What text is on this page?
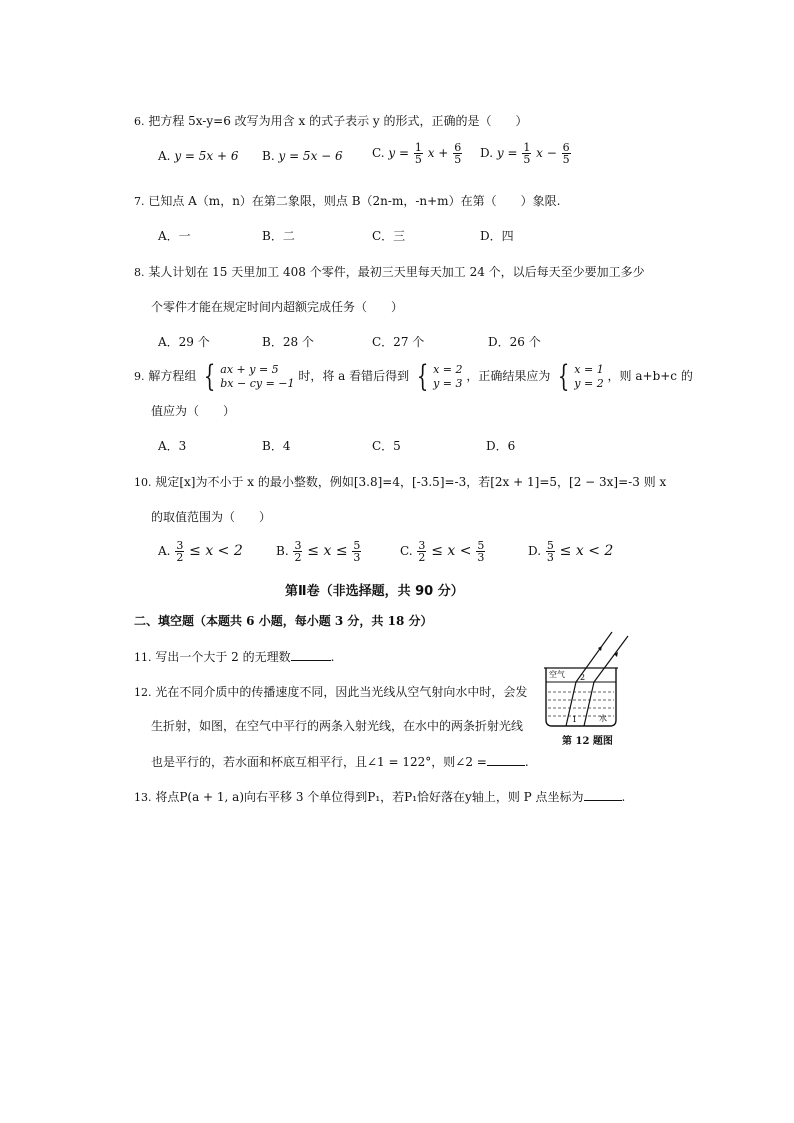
6. 把方程 5x-y=6 改写为用含 x 的式子表示 y 的形式，正确的是（　　）
A. y = 5x + 6 B. y = 5x − 6 C. $y = \frac{1}{5}$ $x + \frac{6}{5} D$. $y = \frac{1}{5}$ $x - \frac{6}{5}$
7. 已知点 A（m，n）在第二象限，则点 B（2n-m，-n+m）在第（　　）象限.
A．一	B．二	C．三	D．四
8. 某人计划在 15 天里加工 408 个零件，最初三天里每天加工 24 个，以后每天至少要加工多少
个零件才能在规定时间内超额完成任务（　　）
A．29 个	B．28 个	C．27 个	D．26 个
9. 解方程组 { ax + y = 5
bx − cy = −1 时，将 a 看错后得到 { x = 2
y = 3 ，正确结果应为 { x = 1
y = 2 ，则 a+b+c 的
值应为（　　）
A．3	B．4	C．5	D．6
10. 规定[x]为不小于 x 的最小整数，例如[3.8]=4，[-3.5]=-3，若[2x + 1]=5，[2 − 3x]=-3 则 x
的取值范围为（　　）
A. $\frac{3}{2} \le x < 2$	B. $\frac{3}{2} \le x \le \frac{5}{3}$	C. $\frac{3}{2} \le x < \frac{5}{3}$	D. $\frac{5}{3} \le x < 2$
第Ⅱ卷（非选择题，共 90 分）
二、填空题（本题共 6 小题，每小题 3 分，共 18 分）
11. 写出一个大于 2 的无理数	.
12. 光在不同介质中的传播速度不同，因此当光线从空气射向水中时，会发
生折射，如图，在空气中平行的两条入射光线，在水中的两条折射光线
也是平行的，若水面和杯底互相平行，且∠1 = 122°，则∠2 =	.
空气
水
2
1
第 12 题图
13. 将点P(a + 1, a)向右平移 3 个单位得到P₁，若P₁恰好落在y轴上，则 P 点坐标为	.
